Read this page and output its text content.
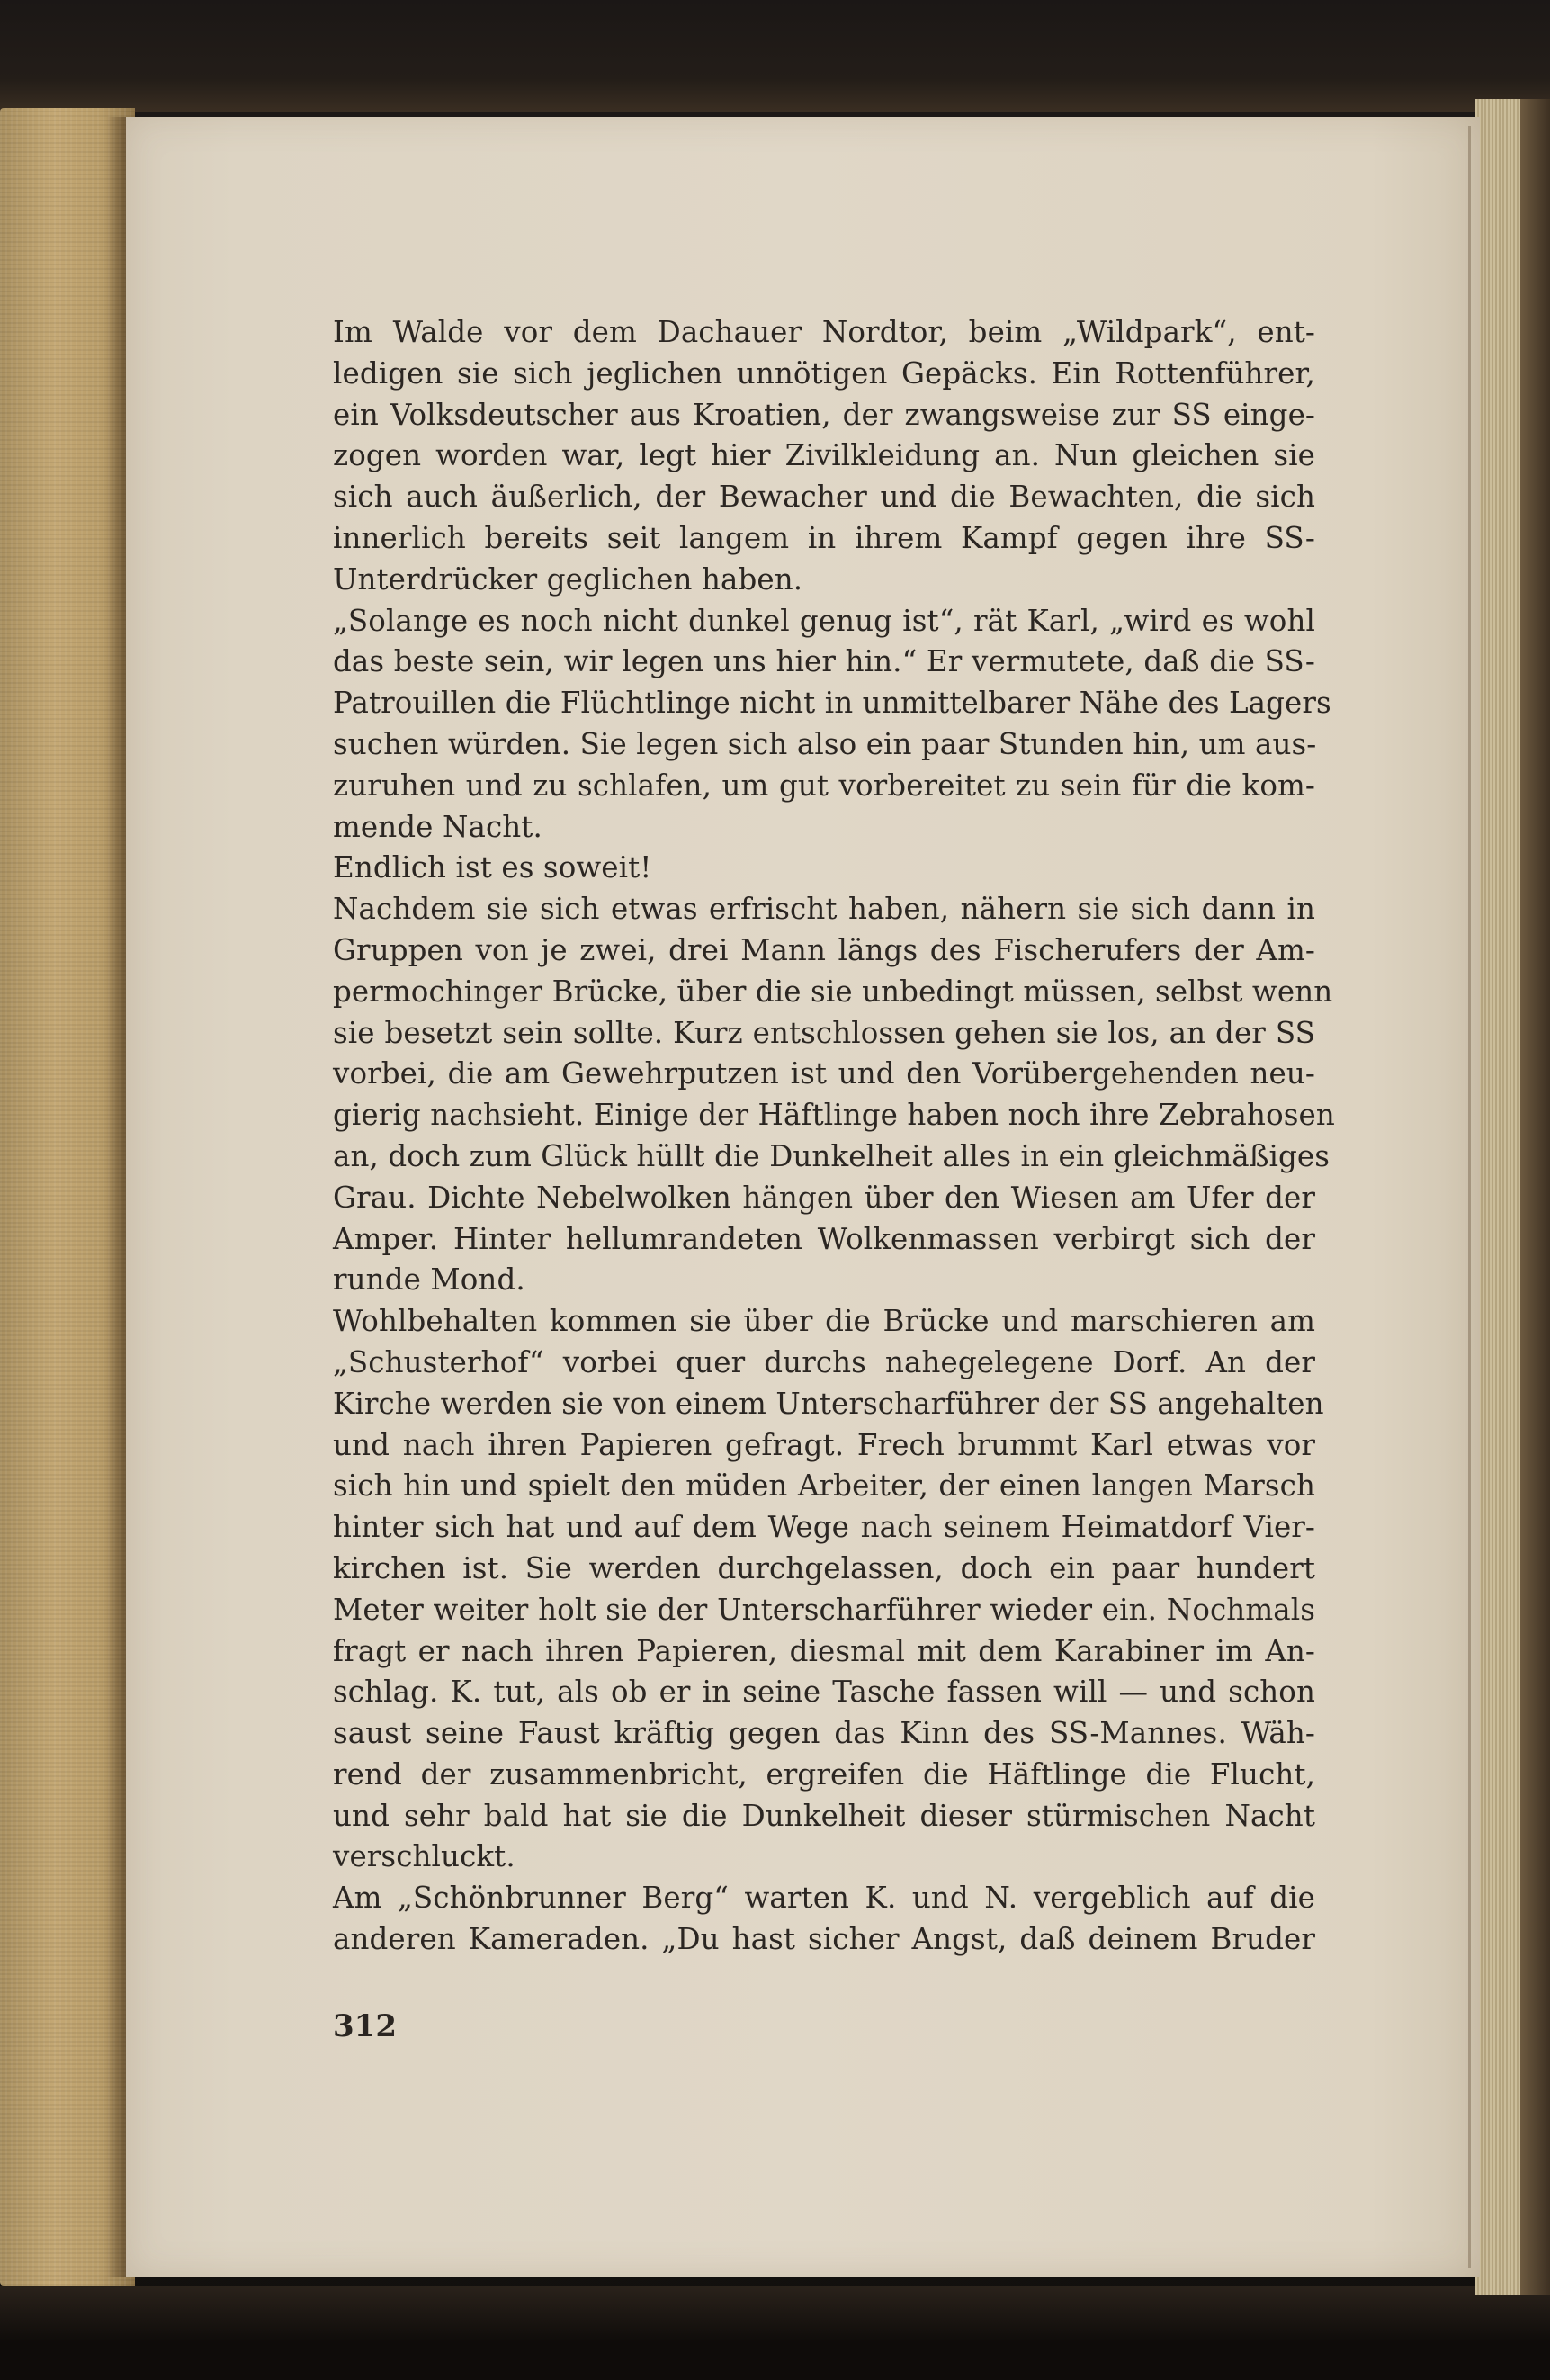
Im Walde vor dem Dachauer Nordtor, beim „Wildpark“, ent-
ledigen sie sich jeglichen unnötigen Gepäcks. Ein Rottenführer,
ein Volksdeutscher aus Kroatien, der zwangsweise zur SS einge-
zogen worden war, legt hier Zivilkleidung an. Nun gleichen sie
sich auch äußerlich, der Bewacher und die Bewachten, die sich
innerlich bereits seit langem in ihrem Kampf gegen ihre SS-
Unterdrücker geglichen haben.
„Solange es noch nicht dunkel genug ist“, rät Karl, „wird es wohl
das beste sein, wir legen uns hier hin.“ Er vermutete, daß die SS-
Patrouillen die Flüchtlinge nicht in unmittelbarer Nähe des Lagers
suchen würden. Sie legen sich also ein paar Stunden hin, um aus-
zuruhen und zu schlafen, um gut vorbereitet zu sein für die kom-
mende Nacht.
Endlich ist es soweit!
Nachdem sie sich etwas erfrischt haben, nähern sie sich dann in
Gruppen von je zwei, drei Mann längs des Fischerufers der Am-
permochinger Brücke, über die sie unbedingt müssen, selbst wenn
sie besetzt sein sollte. Kurz entschlossen gehen sie los, an der SS
vorbei, die am Gewehrputzen ist und den Vorübergehenden neu-
gierig nachsieht. Einige der Häftlinge haben noch ihre Zebrahosen
an, doch zum Glück hüllt die Dunkelheit alles in ein gleichmäßiges
Grau. Dichte Nebelwolken hängen über den Wiesen am Ufer der
Amper. Hinter hellumrandeten Wolkenmassen verbirgt sich der
runde Mond.
Wohlbehalten kommen sie über die Brücke und marschieren am
„Schusterhof“ vorbei quer durchs nahegelegene Dorf. An der
Kirche werden sie von einem Unterscharführer der SS angehalten
und nach ihren Papieren gefragt. Frech brummt Karl etwas vor
sich hin und spielt den müden Arbeiter, der einen langen Marsch
hinter sich hat und auf dem Wege nach seinem Heimatdorf Vier-
kirchen ist. Sie werden durchgelassen, doch ein paar hundert
Meter weiter holt sie der Unterscharführer wieder ein. Nochmals
fragt er nach ihren Papieren, diesmal mit dem Karabiner im An-
schlag. K. tut, als ob er in seine Tasche fassen will — und schon
saust seine Faust kräftig gegen das Kinn des SS-Mannes. Wäh-
rend der zusammenbricht, ergreifen die Häftlinge die Flucht,
und sehr bald hat sie die Dunkelheit dieser stürmischen Nacht
verschluckt.
Am „Schönbrunner Berg“ warten K. und N. vergeblich auf die
anderen Kameraden. „Du hast sicher Angst, daß deinem Bruder
312
